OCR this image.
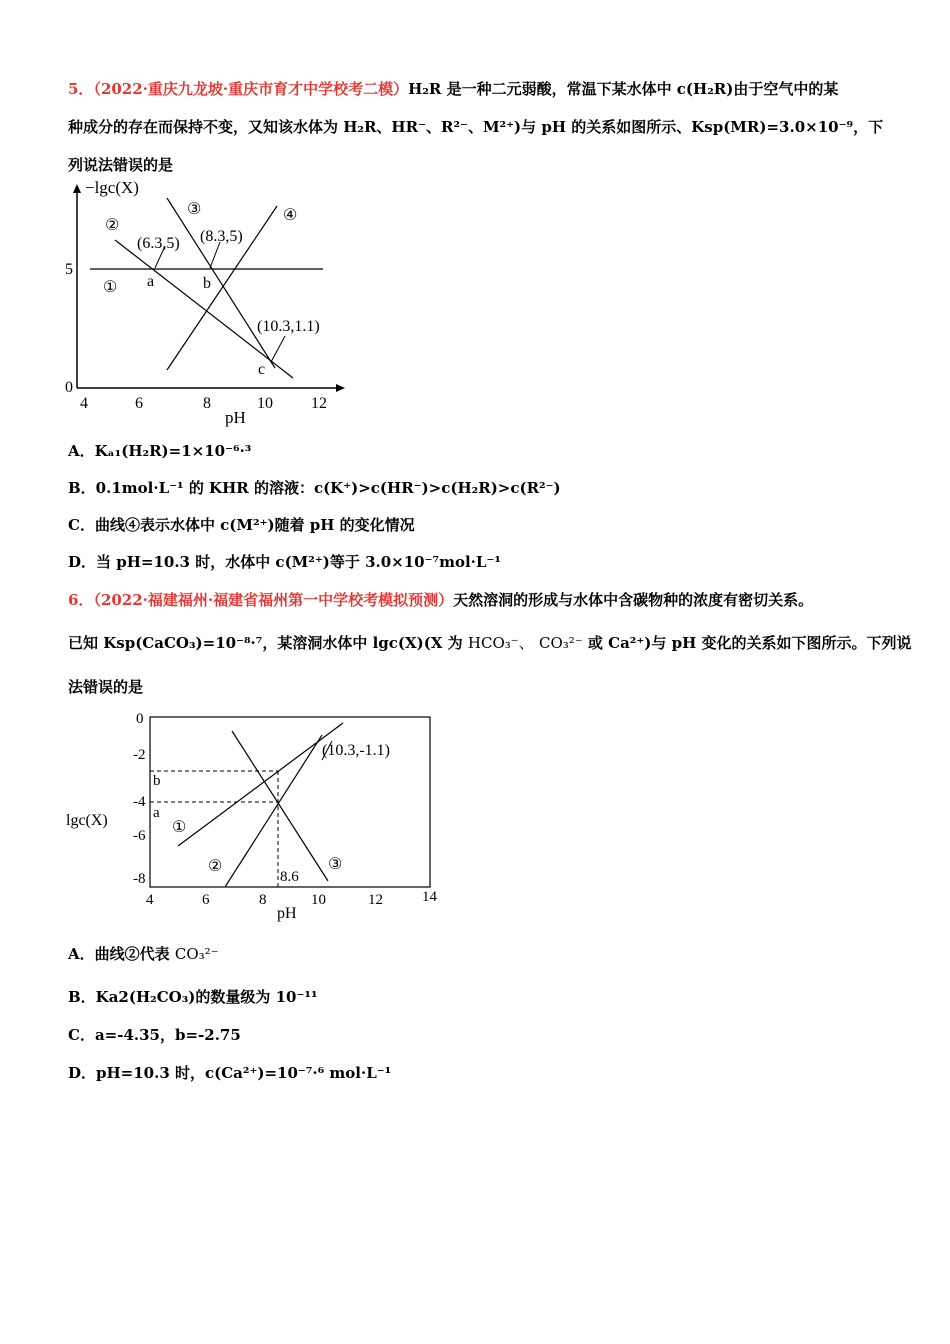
5．（2022·重庆九龙坡·重庆市育才中学校考二模）H₂R 是一种二元弱酸，常温下某水体中 c(H₂R)由于空气中的某
种成分的存在而保持不变，又知该水体为 H₂R、HR⁻、R²⁻、M²⁺)与 pH 的关系如图所示、Ksp(MR)=3.0×10⁻⁹，下
列说法错误的是
−lgc(X)
pH
4	6	8	10 12
5
0
①
②
③	④
a	b
c
(6.3,5) (8.3,5)
(10.3,1.1)
A．Kₐ₁(H₂R)=1×10⁻⁶·³
B．0.1mol·L⁻¹ 的 KHR 的溶液：c(K⁺)>c(HR⁻)>c(H₂R)>c(R²⁻)
C．曲线④表示水体中 c(M²⁺)随着 pH 的变化情况
D．当 pH=10.3 时，水体中 c(M²⁺)等于 3.0×10⁻⁷mol·L⁻¹
6．（2022·福建福州·福建省福州第一中学校考模拟预测）天然溶洞的形成与水体中含碳物种的浓度有密切关系。
已知 Ksp(CaCO₃)=10⁻⁸·⁷，某溶洞水体中 lgc(X)(X 为 HCO₃⁻、 CO₃²⁻ 或 Ca²⁺)与 pH 变化的关系如下图所示。下列说
法错误的是
0
-2
-4
-6
-8
b
a
lgc(X)
4	6	8	10	12	14
pH
①
②	③
(10.3,-1.1)
8.6
A．曲线②代表 CO₃²⁻
B．Ka2(H₂CO₃)的数量级为 10⁻¹¹
C．a=-4.35，b=-2.75
D．pH=10.3 时，c(Ca²⁺)=10⁻⁷·⁶ mol·L⁻¹
